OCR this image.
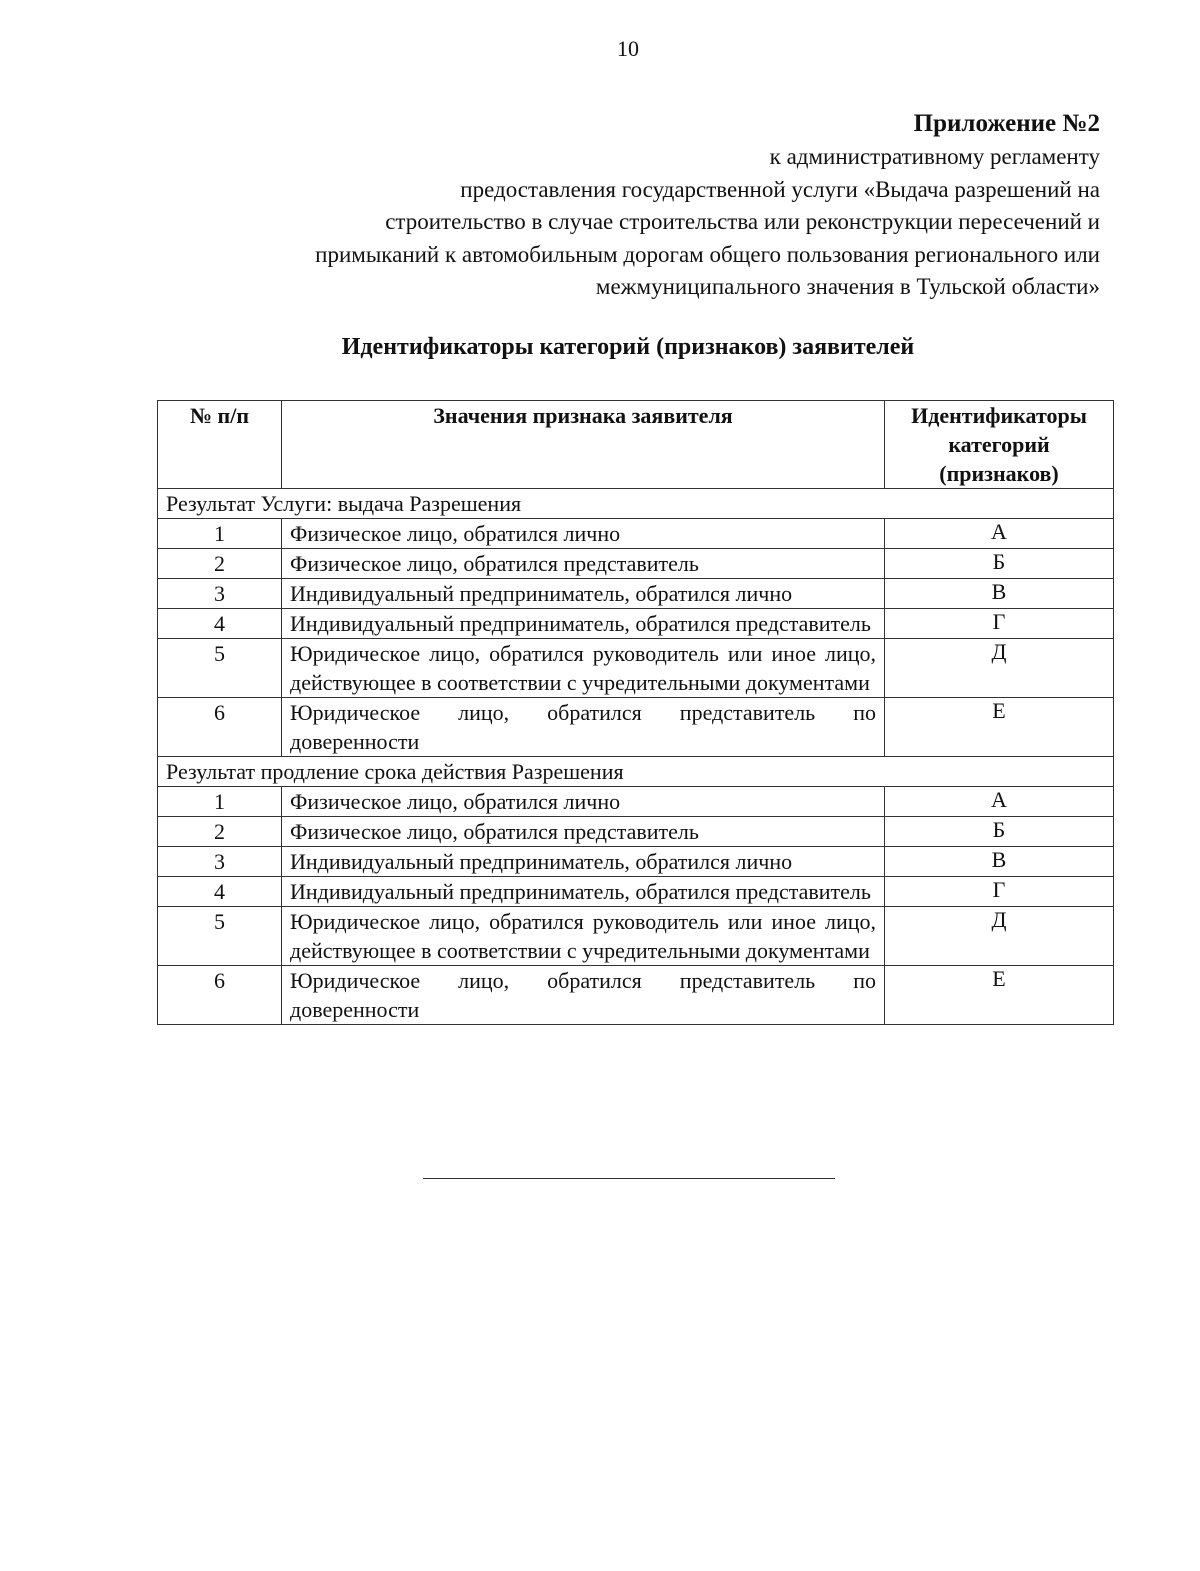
10
Приложение №2
к административному регламенту
предоставления государственной услуги «Выдача разрешений на
строительство в случае строительства или реконструкции пересечений и
примыканий к автомобильным дорогам общего пользования регионального или
межмуниципального значения в Тульской области»
Идентификаторы категорий (признаков) заявителей
№ п/п	Значения признака заявителя	Идентификаторы категорий (признаков)
Результат Услуги: выдача Разрешения		
1	Физическое лицо, обратился лично	А
2	Физическое лицо, обратился представитель	Б
3	Индивидуальный предприниматель, обратился лично	В
4	Индивидуальный предприниматель, обратился представитель	Г
5	Юридическое лицо, обратился руководитель или иное лицо, действующее в соответствии с учредительными документами	Д
6	Юридическое лицо, обратился представитель по доверенности	Е
Результат продление срока действия Разрешения		
1	Физическое лицо, обратился лично	А
2	Физическое лицо, обратился представитель	Б
3	Индивидуальный предприниматель, обратился лично	В
4	Индивидуальный предприниматель, обратился представитель	Г
5	Юридическое лицо, обратился руководитель или иное лицо, действующее в соответствии с учредительными документами	Д
6	Юридическое лицо, обратился представитель по доверенности	Е
